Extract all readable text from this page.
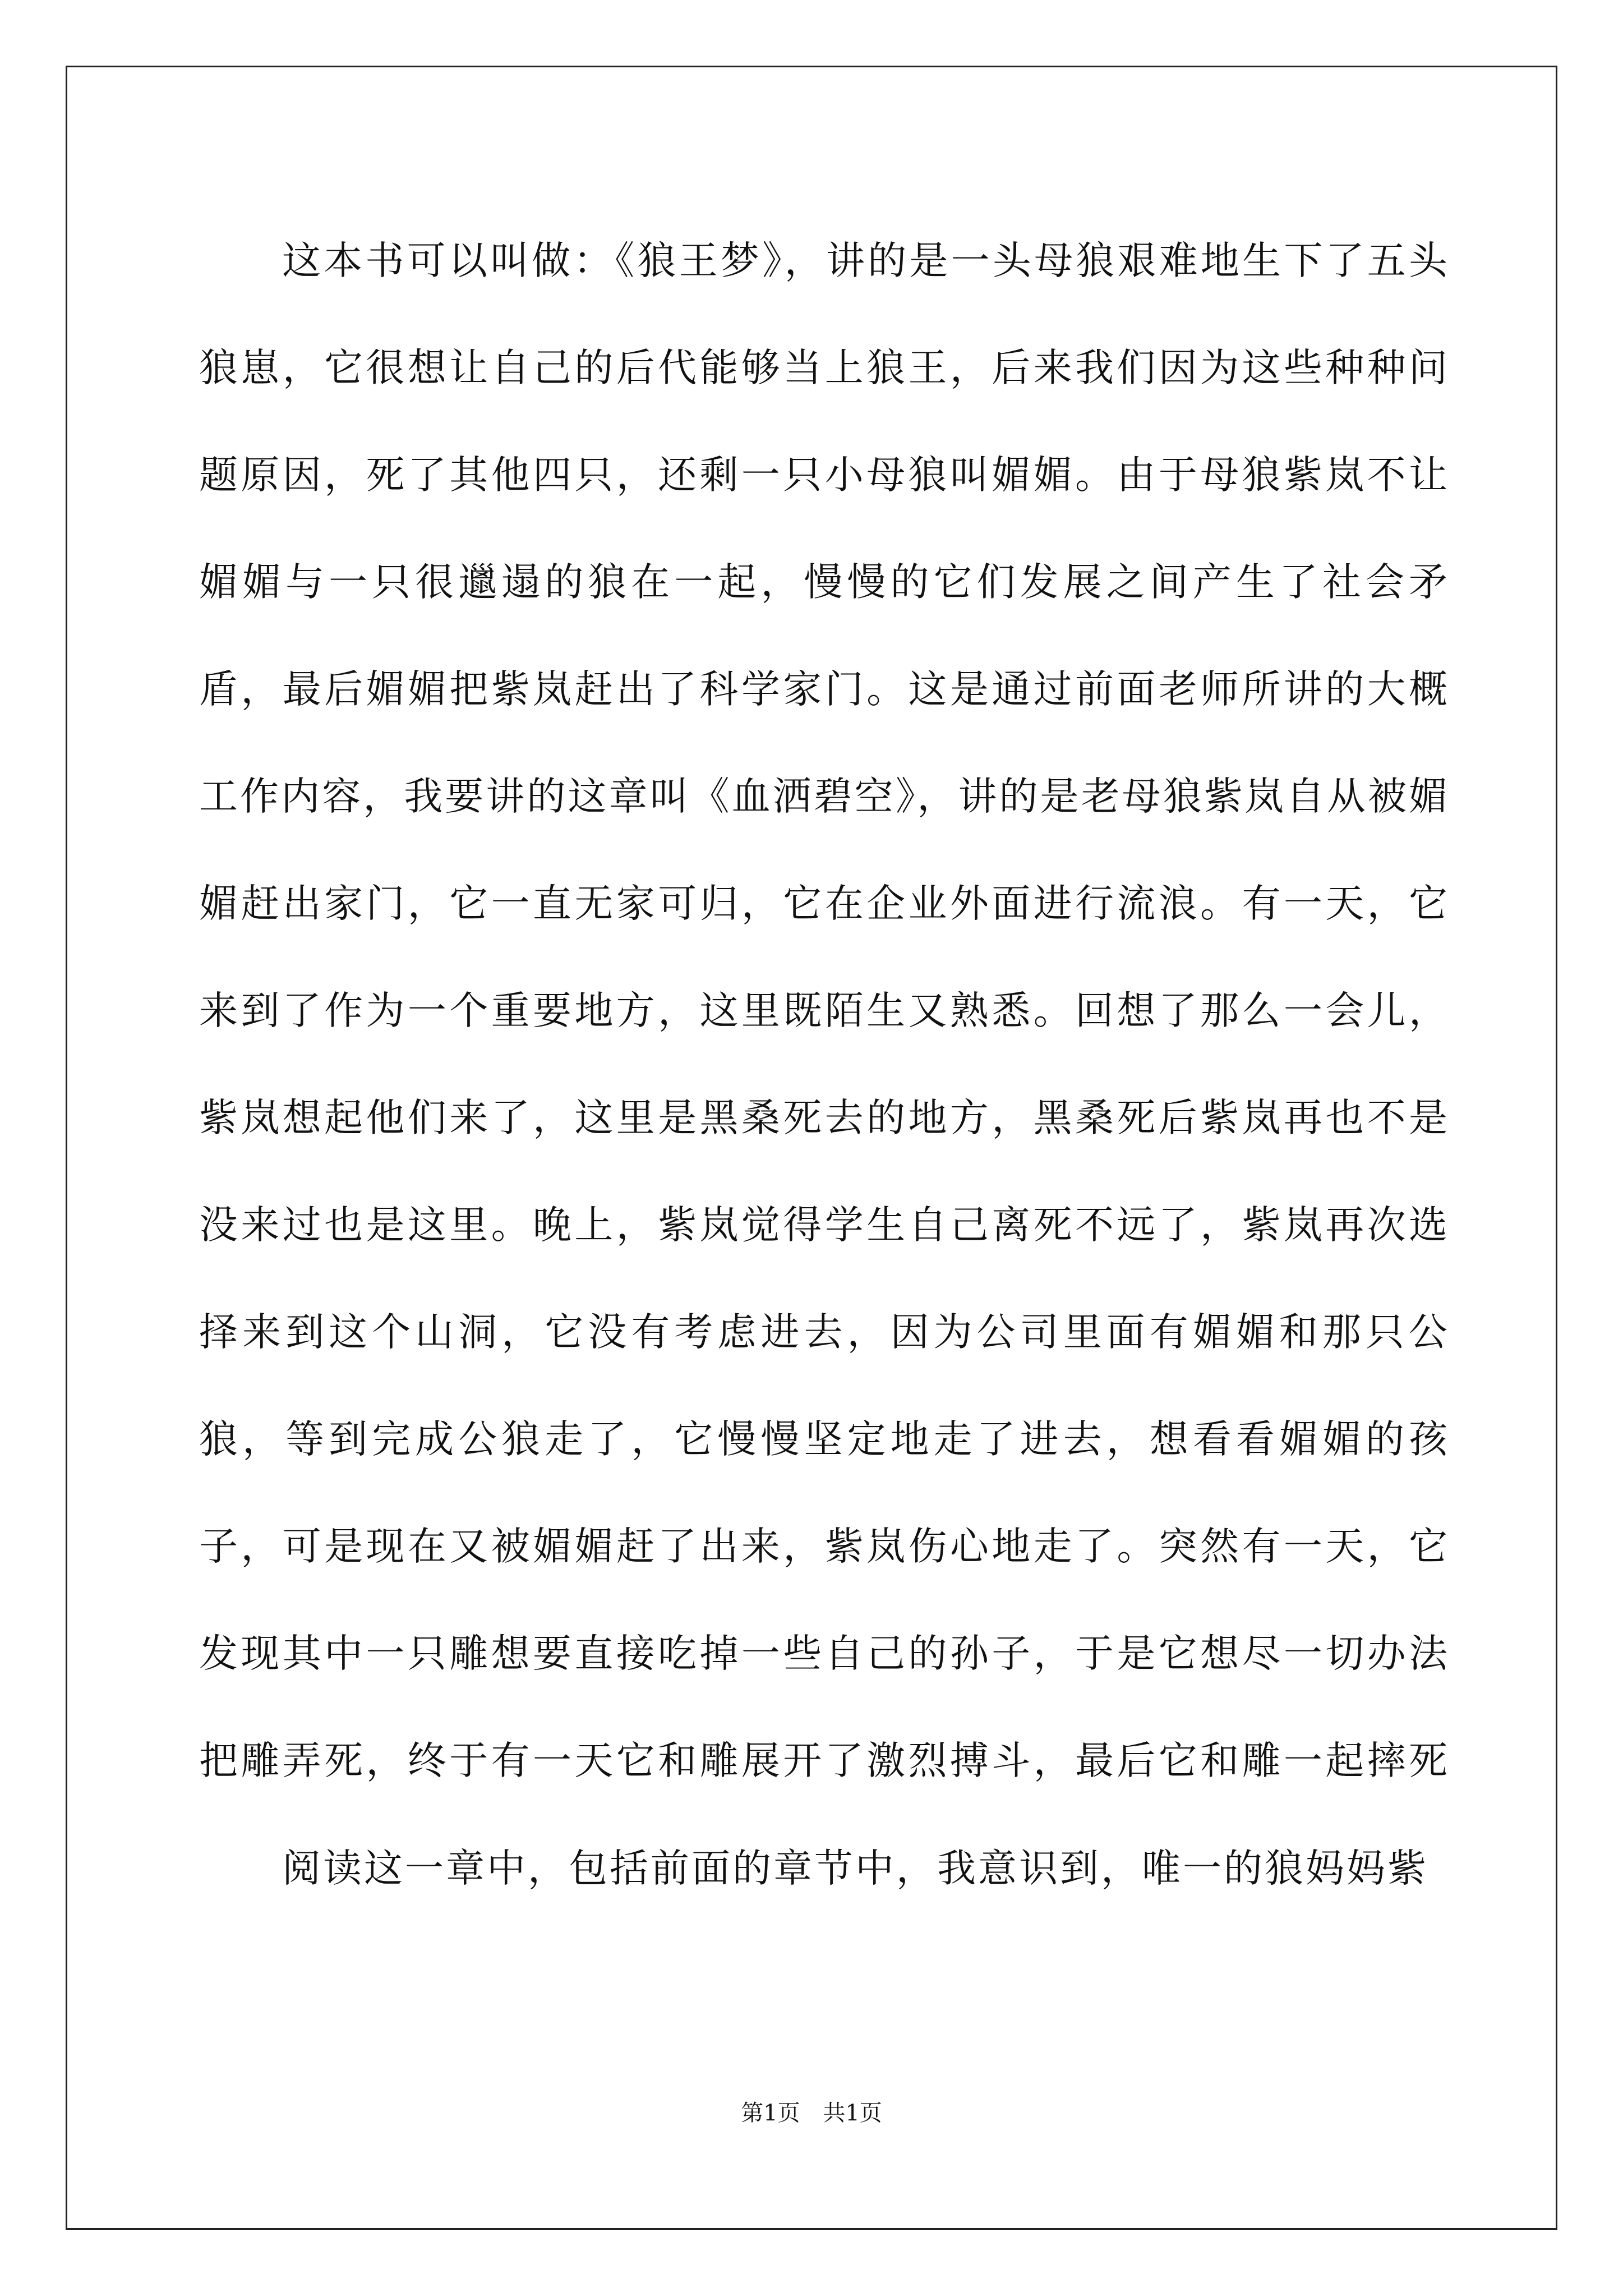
这本书可以叫做：《狼王梦》，讲的是一头母狼艰难地生下了五头狼崽，它很想让自己的后代能够当上狼王，后来我们因为这些种种问题原因，死了其他四只，还剩一只小母狼叫媚媚。由于母狼紫岚不让媚媚与一只很邋遢的狼在一起，慢慢的它们发展之间产生了社会矛盾，最后媚媚把紫岚赶出了科学家门。这是通过前面老师所讲的大概工作内容，我要讲的这章叫《血洒碧空》，讲的是老母狼紫岚自从被媚媚赶出家门，它一直无家可归，它在企业外面进行流浪。有一天，它来到了作为一个重要地方，这里既陌生又熟悉。回想了那么一会儿，紫岚想起他们来了，这里是黑桑死去的地方，黑桑死后紫岚再也不是没来过也是这里。晚上，紫岚觉得学生自己离死不远了，紫岚再次选择来到这个山洞，它没有考虑进去，因为公司里面有媚媚和那只公狼，等到完成公狼走了，它慢慢坚定地走了进去，想看看媚媚的孩子，可是现在又被媚媚赶了出来，紫岚伤心地走了。突然有一天，它发现其中一只雕想要直接吃掉一些自己的孙子，于是它想尽一切办法把雕弄死，终于有一天它和雕展开了激烈搏斗，最后它和雕一起摔死

阅读这一章中，包括前面的章节中，我意识到，唯一的狼妈妈紫

第1页 共1页
